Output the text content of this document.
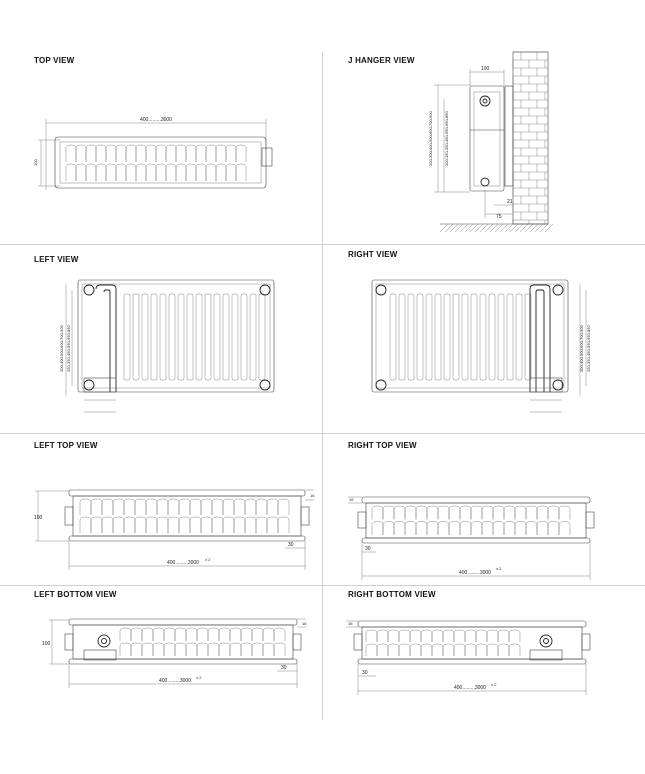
TOP VIEW
400.........3000
100
J HANGER VIEW
100
200-300-400-500-600-700-900	100-150-350-450-550-650-850
21
75
LEFT VIEW
300-400-500-600-700-900 250-350-450-550-650-850
RIGHT VIEW
300-400-500-600-700-900 250-350-450-550-650-850
LEFT TOP VIEW
100
16
30
400.........3000
± 2
RIGHT TOP VIEW
16
30
400.........3000
± 2
LEFT BOTTOM VIEW
100
16
30
400.........3000
± 2
RIGHT BOTTOM VIEW
16
30
400.........3000
± 2
